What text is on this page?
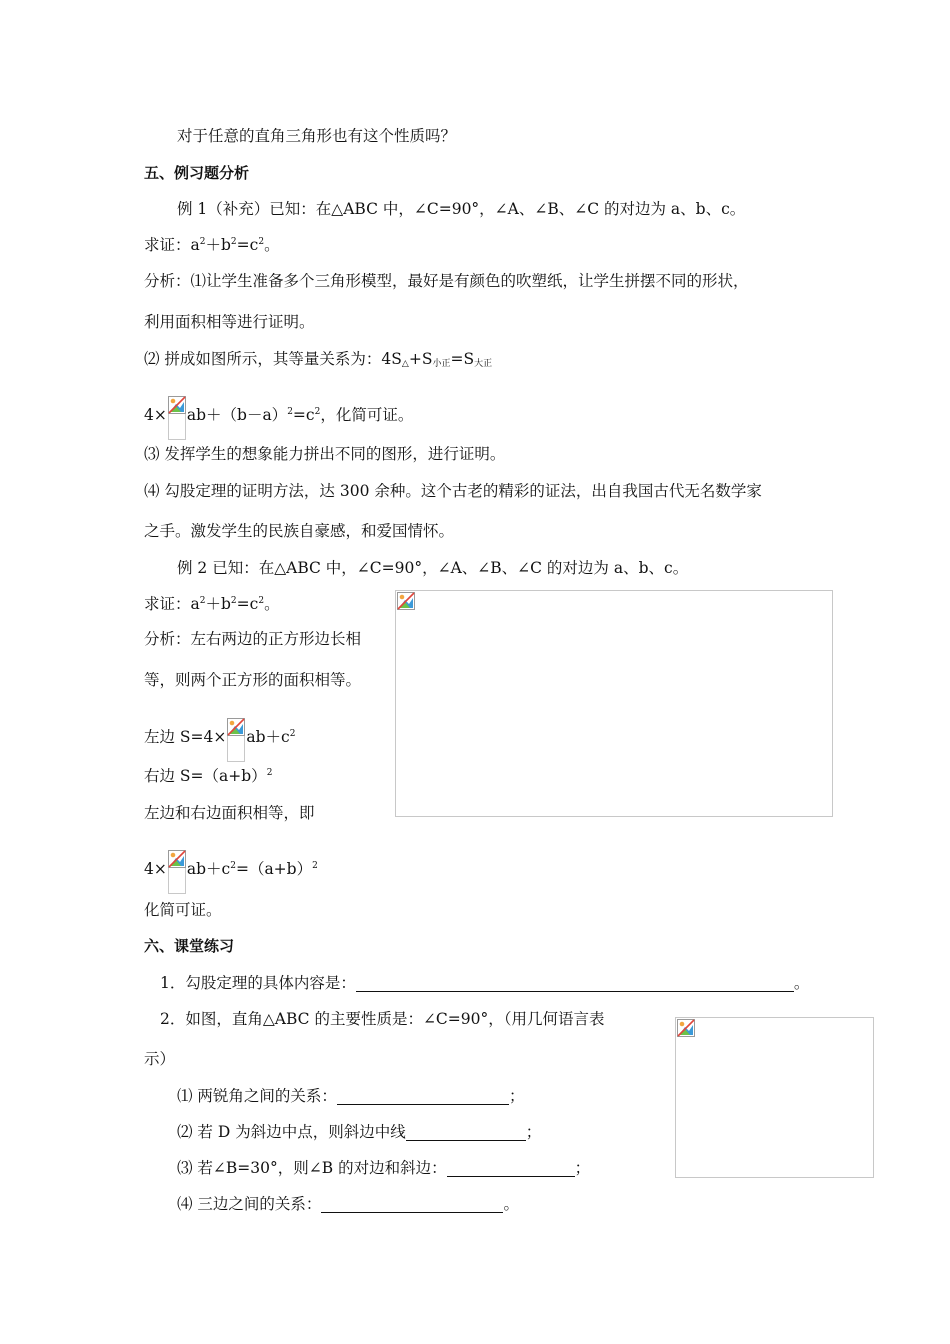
对于任意的直角三角形也有这个性质吗？
五、例习题分析
例 1（补充）已知：在△ABC 中，∠C=90°，∠A、∠B、∠C 的对边为 a、b、c。
求证：$a^2+b^2=c^2$。
分析：⑴让学生准备多个三角形模型，最好是有颜色的吹塑纸，让学生拼摆不同的形状，
利用面积相等进行证明。
⑵ 拼成如图所示，其等量关系为：$4S_\triangle+S_{小正}=S_{大正}$
$4\times ab+(b-a)^2=c^2$，化简可证。
⑶ 发挥学生的想象能力拼出不同的图形，进行证明。
⑷ 勾股定理的证明方法，达 300 余种。这个古老的精彩的证法，出自我国古代无名数学家
之手。激发学生的民族自豪感，和爱国情怀。
例 2 已知：在△ABC 中，∠C=90°，∠A、∠B、∠C 的对边为 a、b、c。
求证：$a^2+b^2=c^2$。
分析：左右两边的正方形边长相
等，则两个正方形的面积相等。
左边 $S=4\times ab+c^2$
右边 $S=(a+b)^2$
左边和右边面积相等，即
$4\times ab+c^2=(a+b)^2$
化简可证。
六、课堂练习
1．勾股定理的具体内容是：	。
2．如图，直角△ABC 的主要性质是：∠C=90°，（用几何语言表
示）
⑴ 两锐角之间的关系：	；
⑵ 若 D 为斜边中点，则斜边中线	；
⑶ 若∠B=30°，则∠B 的对边和斜边：	；
⑷ 三边之间的关系：	。
